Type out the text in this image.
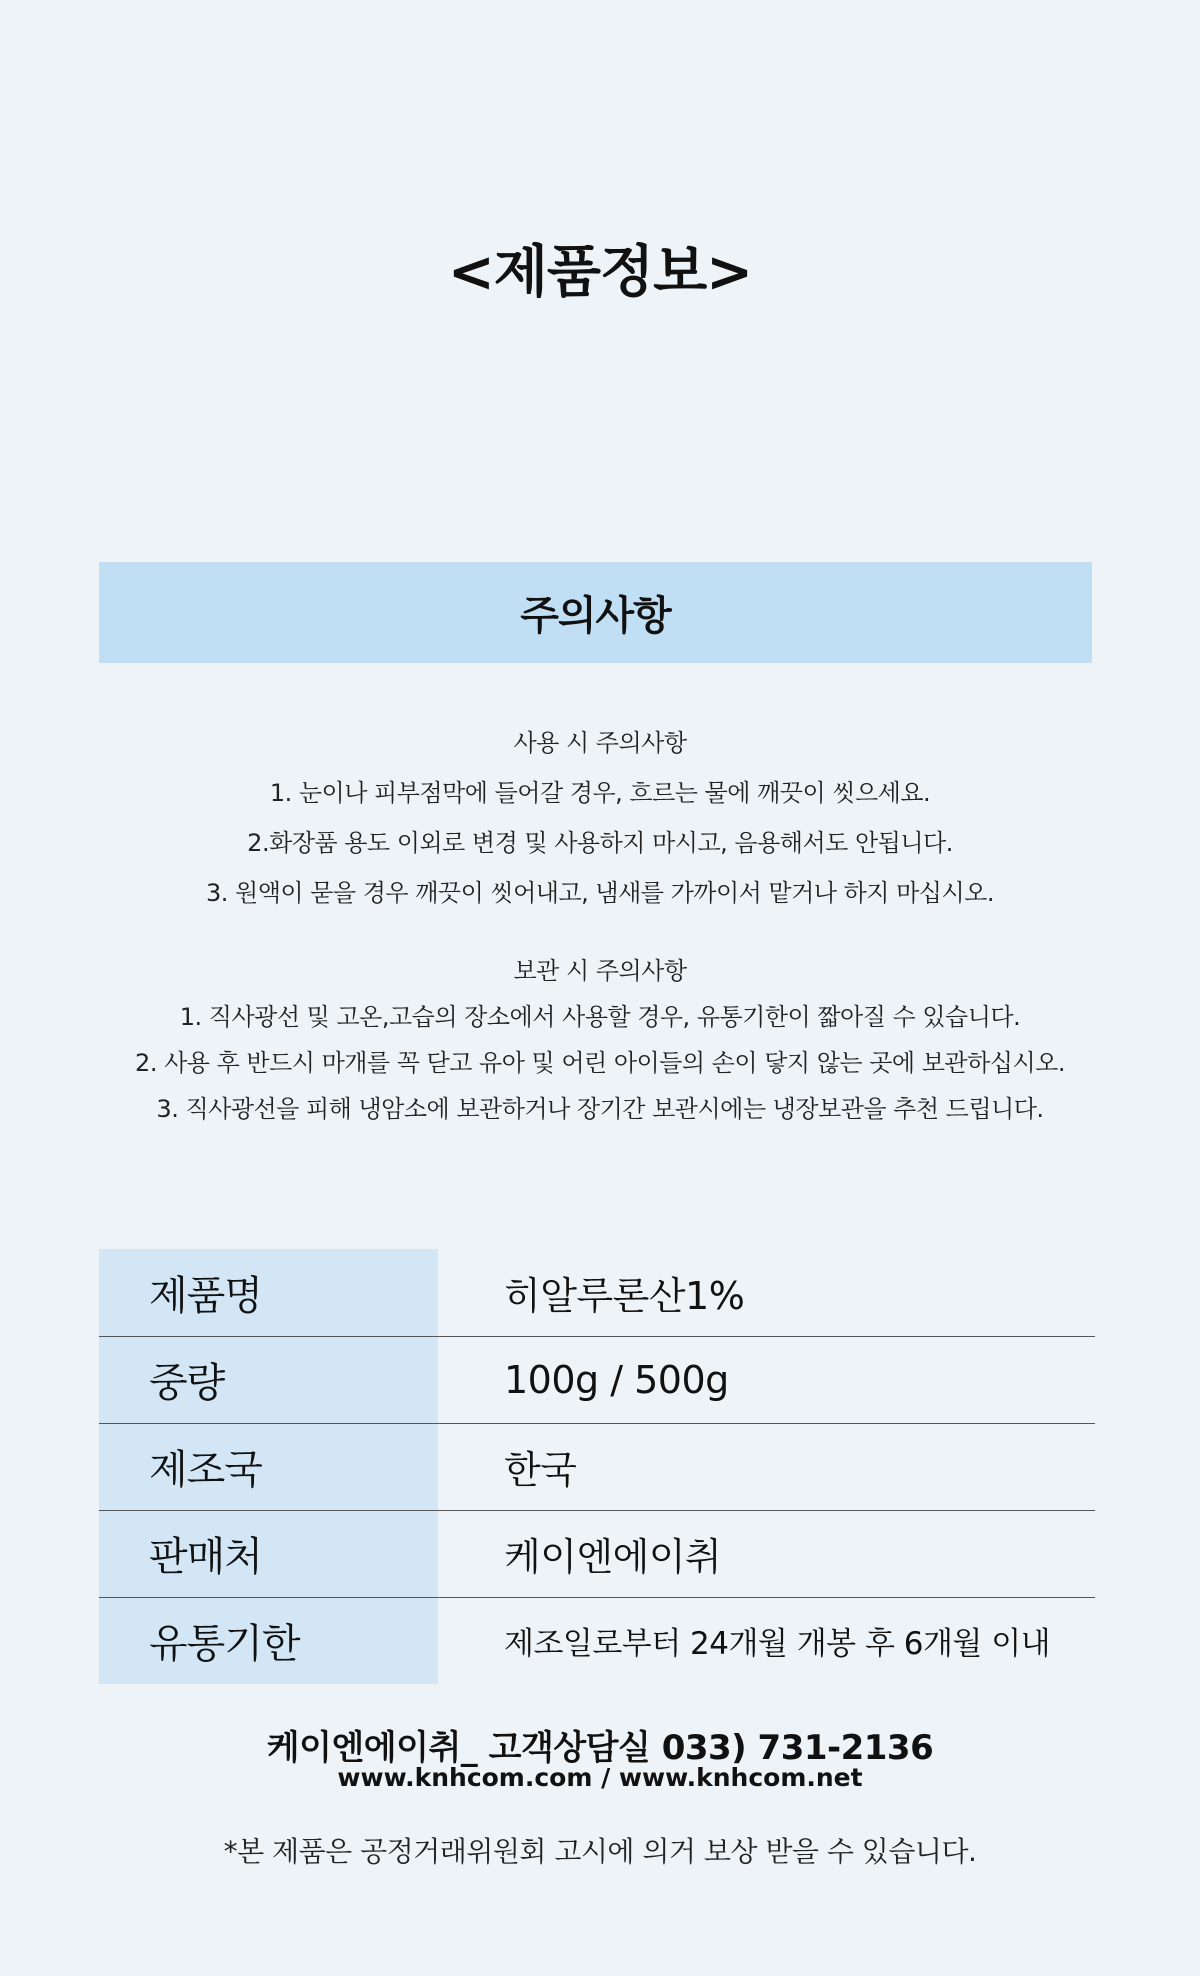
<제품정보>
주의사항
사용 시 주의사항
1. 눈이나 피부점막에 들어갈 경우, 흐르는 물에 깨끗이 씻으세요.
2.화장품 용도 이외로 변경 및 사용하지 마시고, 음용해서도 안됩니다.
3. 원액이 묻을 경우 깨끗이 씻어내고, 냄새를 가까이서 맡거나 하지 마십시오.
보관 시 주의사항
1. 직사광선 및 고온,고습의 장소에서 사용할 경우, 유통기한이 짧아질 수 있습니다.
2. 사용 후 반드시 마개를 꼭 닫고 유아 및 어린 아이들의 손이 닿지 않는 곳에 보관하십시오.
3. 직사광선을 피해 냉암소에 보관하거나 장기간 보관시에는 냉장보관을 추천 드립니다.
제품명	히알루론산1%
중량	100g / 500g
제조국	한국
판매처	케이엔에이취
유통기한	제조일로부터 24개월 개봉 후 6개월 이내
케이엔에이취_ 고객상담실 033) 731-2136
www.knhcom.com / www.knhcom.net
*본 제품은 공정거래위원회 고시에 의거 보상 받을 수 있습니다.
